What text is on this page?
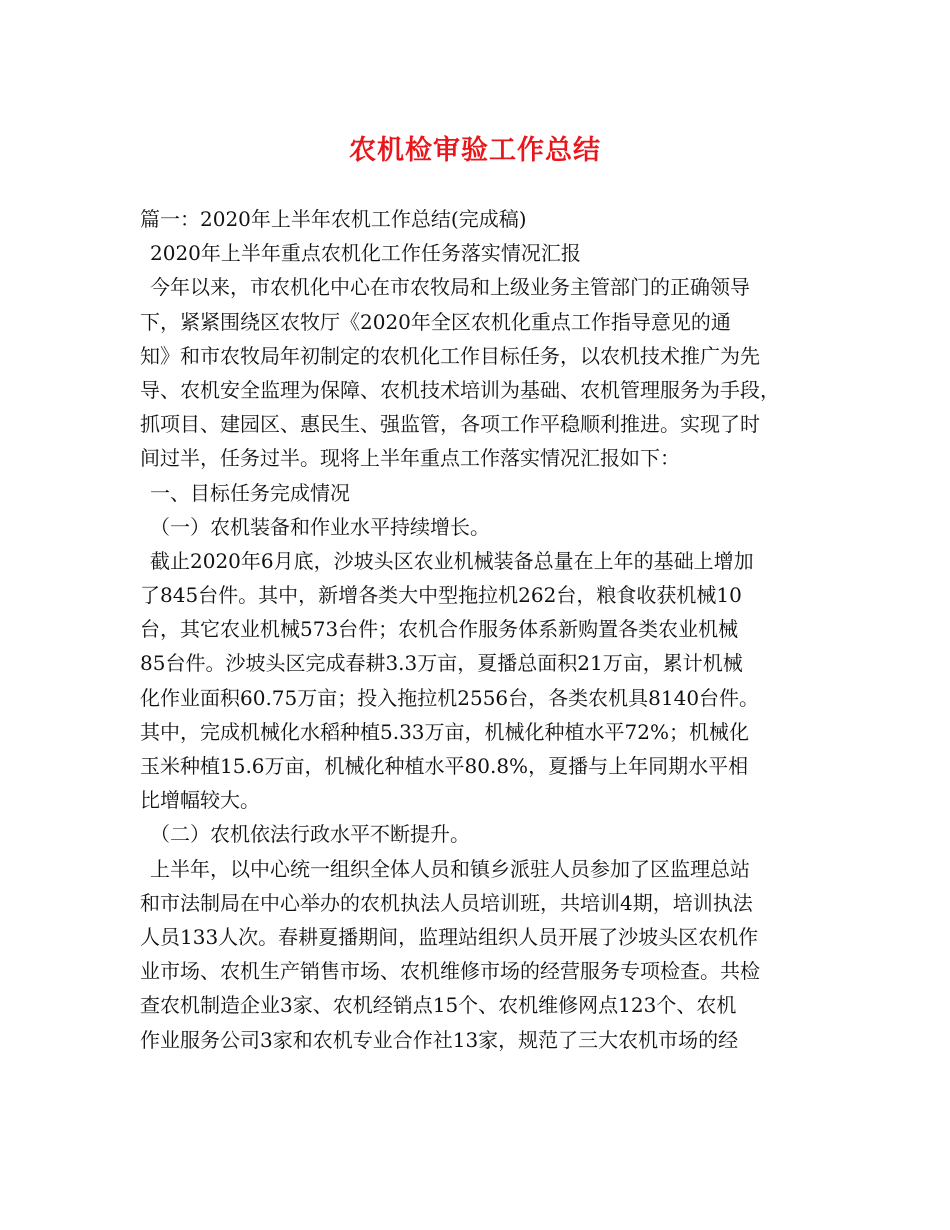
农机检审验工作总结
篇一：2020年上半年农机工作总结(完成稿)
2020年上半年重点农机化工作任务落实情况汇报
今年以来，市农机化中心在市农牧局和上级业务主管部门的正确领导
下，紧紧围绕区农牧厅《2020年全区农机化重点工作指导意见的通
知》和市农牧局年初制定的农机化工作目标任务，以农机技术推广为先
导、农机安全监理为保障、农机技术培训为基础、农机管理服务为手段，
抓项目、建园区、惠民生、强监管，各项工作平稳顺利推进。实现了时
间过半，任务过半。现将上半年重点工作落实情况汇报如下：
一、目标任务完成情况
（一）农机装备和作业水平持续增长。
截止2020年6月底，沙坡头区农业机械装备总量在上年的基础上增加
了845台件。其中，新增各类大中型拖拉机262台，粮食收获机械10
台，其它农业机械573台件；农机合作服务体系新购置各类农业机械
85台件。沙坡头区完成春耕3.3万亩，夏播总面积21万亩，累计机械
化作业面积60.75万亩；投入拖拉机2556台，各类农机具8140台件。
其中，完成机械化水稻种植5.33万亩，机械化种植水平72%；机械化
玉米种植15.6万亩，机械化种植水平80.8%，夏播与上年同期水平相
比增幅较大。
（二）农机依法行政水平不断提升。
上半年，以中心统一组织全体人员和镇乡派驻人员参加了区监理总站
和市法制局在中心举办的农机执法人员培训班，共培训4期，培训执法
人员133人次。春耕夏播期间，监理站组织人员开展了沙坡头区农机作
业市场、农机生产销售市场、农机维修市场的经营服务专项检查。共检
查农机制造企业3家、农机经销点15个、农机维修网点123个、农机
作业服务公司3家和农机专业合作社13家，规范了三大农机市场的经
